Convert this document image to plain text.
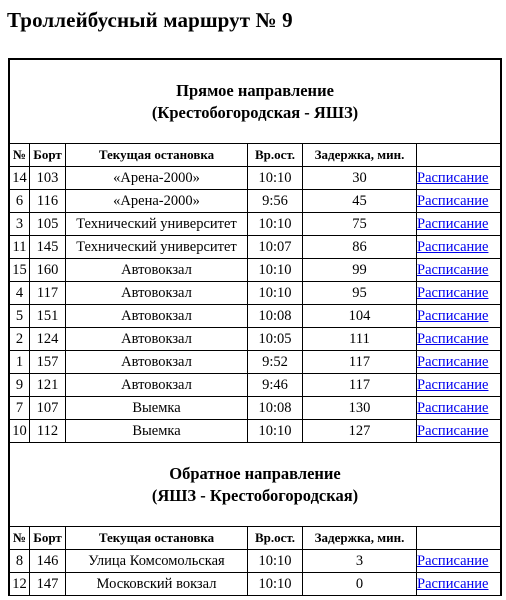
Троллейбусный маршрут № 9
Прямое направление
(Крестобогородская - ЯШЗ)					

№	Борт	Текущая остановка	Вр.ост.	Задержка, мин.	
14	103	«Арена-2000»	10:10	30	Расписание
6	116	«Арена-2000»	9:56	45	Расписание
3	105	Технический университет	10:10	75	Расписание
11	145	Технический университет	10:07	86	Расписание
15	160	Автовокзал	10:10	99	Расписание
4	117	Автовокзал	10:10	95	Расписание
5	151	Автовокзал	10:08	104	Расписание
2	124	Автовокзал	10:05	111	Расписание
1	157	Автовокзал	9:52	117	Расписание
9	121	Автовокзал	9:46	117	Расписание
7	107	Выемка	10:08	130	Расписание
10	112	Выемка	10:10	127	Расписание

Обратное направление
(ЯШЗ - Крестобогородская)					

№	Борт	Текущая остановка	Вр.ост.	Задержка, мин.	
8	146	Улица Комсомольская	10:10	3	Расписание
12	147	Московский вокзал	10:10	0	Расписание
